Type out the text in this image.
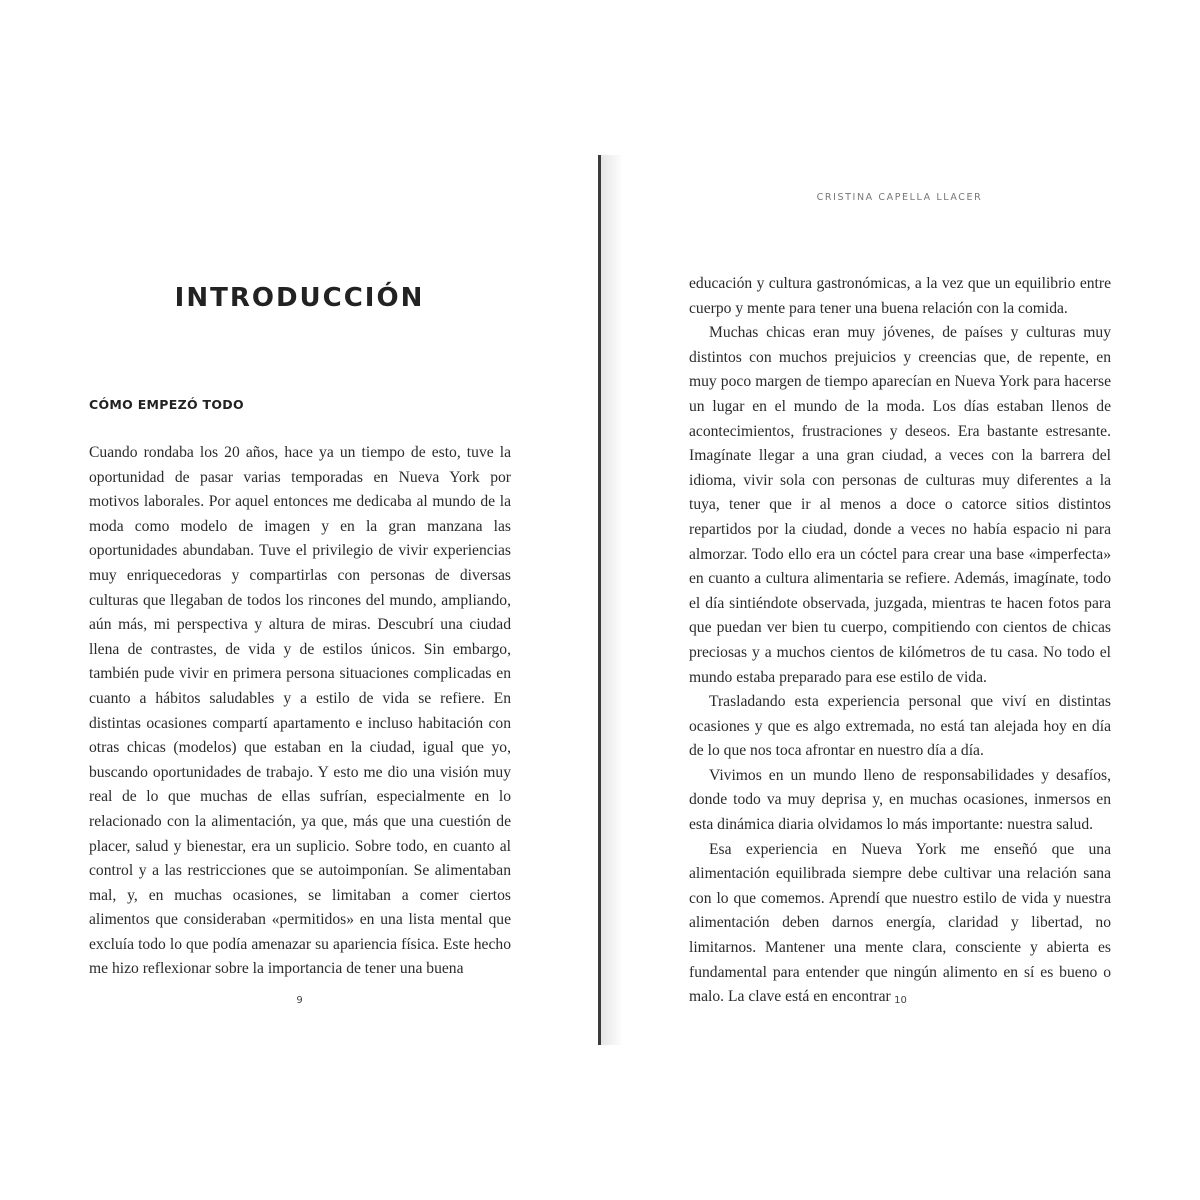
INTRODUCCIÓN
CÓMO EMPEZÓ TODO

Cuando rondaba los 20 años, hace ya un tiempo de esto, tuve la oportunidad de pasar varias temporadas en Nueva York por motivos laborales. Por aquel entonces me dedicaba al mundo de la moda como modelo de imagen y en la gran manzana las oportunidades abundaban. Tuve el privilegio de vivir experiencias muy enriquecedoras y compartirlas con personas de diversas culturas que llegaban de todos los rincones del mundo, ampliando, aún más, mi perspectiva y altura de miras. Descubrí una ciudad llena de contrastes, de vida y de estilos únicos. Sin embargo, también pude vivir en primera persona situaciones complicadas en cuanto a hábitos saludables y a estilo de vida se refiere. En distintas ocasiones compartí apartamento e incluso habitación con otras chicas (modelos) que estaban en la ciudad, igual que yo, buscando oportunidades de trabajo. Y esto me dio una visión muy real de lo que muchas de ellas sufrían, especialmente en lo relacionado con la alimentación, ya que, más que una cuestión de placer, salud y bienestar, era un suplicio. Sobre todo, en cuanto al control y a las restricciones que se autoimponían. Se alimentaban mal, y, en muchas ocasiones, se limitaban a comer ciertos alimentos que consideraban «permitidos» en una lista mental que excluía todo lo que podía amenazar su apariencia física. Este hecho me hizo reflexionar sobre la importancia de tener una buena

9
CRISTINA CAPELLA LLACER

educación y cultura gastronómicas, a la vez que un equilibrio entre cuerpo y mente para tener una buena relación con la comida.

Muchas chicas eran muy jóvenes, de países y culturas muy distintos con muchos prejuicios y creencias que, de repente, en muy poco margen de tiempo aparecían en Nueva York para hacerse un lugar en el mundo de la moda. Los días estaban llenos de acontecimientos, frustraciones y deseos. Era bastante estresante. Imagínate llegar a una gran ciudad, a veces con la barrera del idioma, vivir sola con personas de culturas muy diferentes a la tuya, tener que ir al menos a doce o catorce sitios distintos repartidos por la ciudad, donde a veces no había espacio ni para almorzar. Todo ello era un cóctel para crear una base «imperfecta» en cuanto a cultura alimentaria se refiere. Además, imagínate, todo el día sintiéndote observada, juzgada, mientras te hacen fotos para que puedan ver bien tu cuerpo, compitiendo con cientos de chicas preciosas y a muchos cientos de kilómetros de tu casa. No todo el mundo estaba preparado para ese estilo de vida.

Trasladando esta experiencia personal que viví en distintas ocasiones y que es algo extremada, no está tan alejada hoy en día de lo que nos toca afrontar en nuestro día a día.

Vivimos en un mundo lleno de responsabilidades y desafíos, donde todo va muy deprisa y, en muchas ocasiones, inmersos en esta dinámica diaria olvidamos lo más importante: nuestra salud.

Esa experiencia en Nueva York me enseñó que una alimentación equilibrada siempre debe cultivar una relación sana con lo que comemos. Aprendí que nuestro estilo de vida y nuestra alimentación deben darnos energía, claridad y libertad, no limitarnos. Mantener una mente clara, consciente y abierta es fundamental para entender que ningún alimento en sí es bueno o malo. La clave está en encontrar 10
